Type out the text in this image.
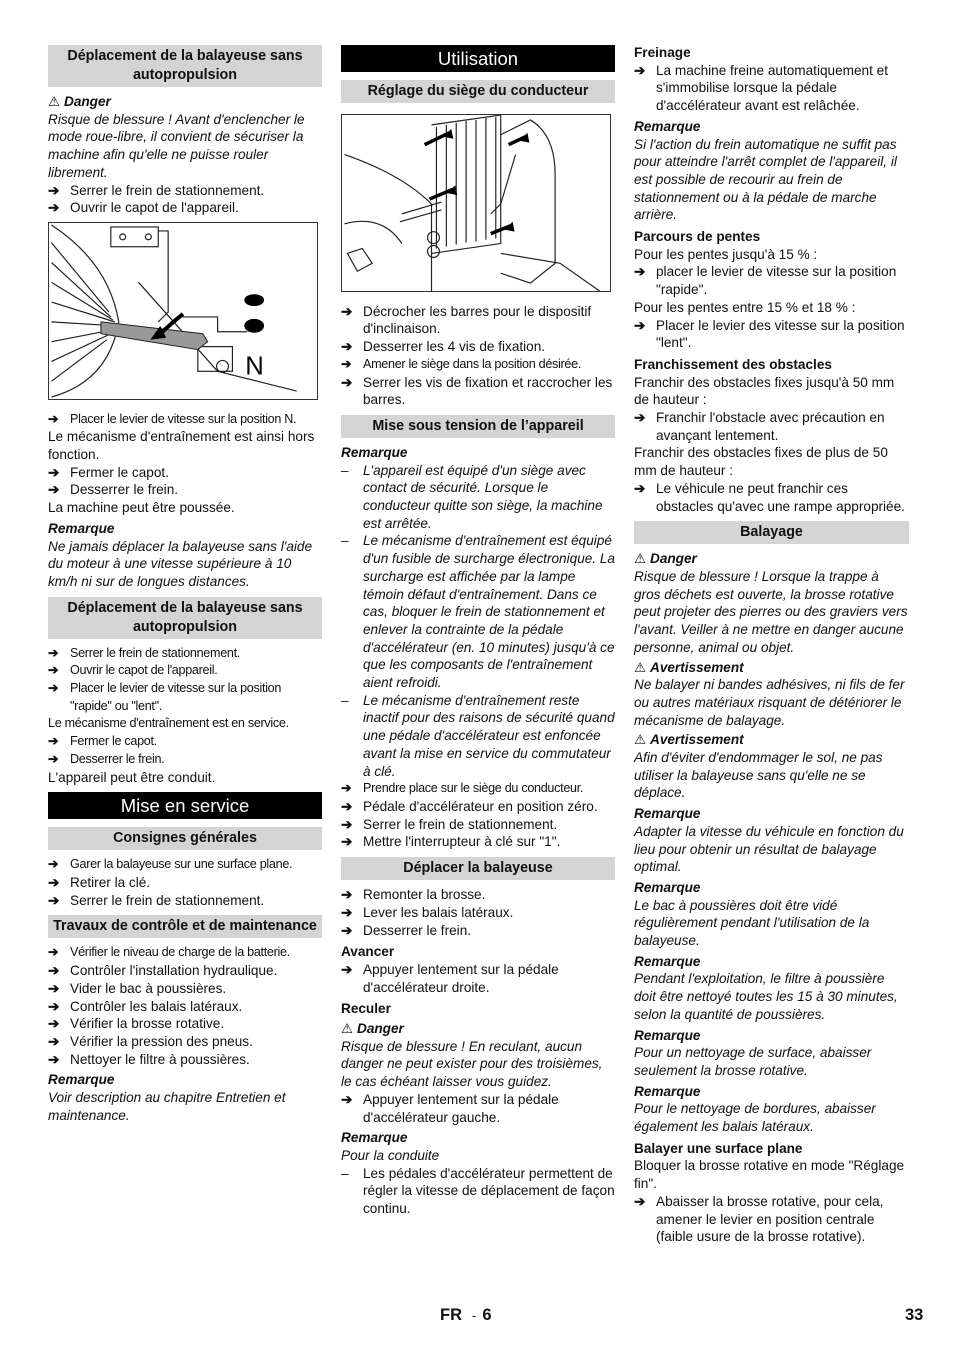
Déplacement de la balayeuse sans autopropulsion
⚠ Danger
Risque de blessure ! Avant d'enclencher le mode roue-libre, il convient de sécuriser la machine afin qu'elle ne puisse rouler librement.
➔ Serrer le frein de stationnement.
➔ Ouvrir le capot de l'appareil.
N
➔ Placer le levier de vitesse sur la position N.
Le mécanisme d'entraînement est ainsi hors fonction.
➔ Fermer le capot.
➔ Desserrer le frein.
La machine peut être poussée.
Remarque
Ne jamais déplacer la balayeuse sans l'aide du moteur à une vitesse supérieure à 10 km/h ni sur de longues distances.
Déplacement de la balayeuse sans autopropulsion
➔ Serrer le frein de stationnement.
➔ Ouvrir le capot de l'appareil.
➔ Placer le levier de vitesse sur la position "rapide" ou "lent".
Le mécanisme d'entraînement est en service.
➔ Fermer le capot.
➔ Desserrer le frein.
L'appareil peut être conduit.
Mise en service
Consignes générales
➔ Garer la balayeuse sur une surface plane.
➔ Retirer la clé.
➔ Serrer le frein de stationnement.
Travaux de contrôle et de maintenance
➔ Vérifier le niveau de charge de la batterie.
➔ Contrôler l'installation hydraulique.
➔ Vider le bac à poussières.
➔ Contrôler les balais latéraux.
➔ Vérifier la brosse rotative.
➔ Vérifier la pression des pneus.
➔ Nettoyer le filtre à poussières.
Remarque
Voir description au chapitre Entretien et maintenance.
Utilisation
Réglage du siège du conducteur
➔ Décrocher les barres pour le dispositif d'inclinaison.
➔ Desserrer les 4 vis de fixation.
➔ Amener le siège dans la position désirée.
➔ Serrer les vis de fixation et raccrocher les barres.
Mise sous tension de l’appareil
Remarque
– L'appareil est équipé d'un siège avec contact de sécurité. Lorsque le conducteur quitte son siège, la machine est arrêtée.
– Le mécanisme d'entraînement est équipé d'un fusible de surcharge électronique. La surcharge est affichée par la lampe témoin défaut d'entraînement. Dans ce cas, bloquer le frein de stationnement et enlever la contrainte de la pédale d'accélérateur (en. 10 minutes) jusqu'à ce que les composants de l'entraînement aient refroidi.
– Le mécanisme d'entraînement reste inactif pour des raisons de sécurité quand une pédale d'accélérateur est enfoncée avant la mise en service du commutateur à clé.
➔ Prendre place sur le siège du conducteur.
➔ Pédale d'accélérateur en position zéro.
➔ Serrer le frein de stationnement.
➔ Mettre l'interrupteur à clé sur "1".
Déplacer la balayeuse
➔ Remonter la brosse.
➔ Lever les balais latéraux.
➔ Desserrer le frein.
Avancer
➔ Appuyer lentement sur la pédale d'accélérateur droite.
Reculer
⚠ Danger
Risque de blessure ! En reculant, aucun danger ne peut exister pour des troisièmes, le cas échéant laisser vous guidez.
➔ Appuyer lentement sur la pédale d'accélérateur gauche.
Remarque
Pour la conduite
– Les pédales d'accélérateur permettent de régler la vitesse de déplacement de façon continu.
Freinage
➔ La machine freine automatiquement et s'immobilise lorsque la pédale d'accélérateur avant est relâchée.
Remarque
Si l'action du frein automatique ne suffit pas pour atteindre l'arrêt complet de l'appareil, il est possible de recourir au frein de stationnement ou à la pédale de marche arrière.
Parcours de pentes
Pour les pentes jusqu'à 15 % :
➔ placer le levier de vitesse sur la position "rapide".
Pour les pentes entre 15 % et 18 % :
➔ Placer le levier des vitesse sur la position "lent".
Franchissement des obstacles
Franchir des obstacles fixes jusqu'à 50 mm de hauteur :
➔ Franchir l'obstacle avec précaution en avançant lentement.
Franchir des obstacles fixes de plus de 50 mm de hauteur :
➔ Le véhicule ne peut franchir ces obstacles qu'avec une rampe appropriée.
Balayage
⚠ Danger
Risque de blessure ! Lorsque la trappe à gros déchets est ouverte, la brosse rotative peut projeter des pierres ou des graviers vers l'avant. Veiller à ne mettre en danger aucune personne, animal ou objet.
⚠ Avertissement
Ne balayer ni bandes adhésives, ni fils de fer ou autres matériaux risquant de détériorer le mécanisme de balayage.
⚠ Avertissement
Afin d'éviter d'endommager le sol, ne pas utiliser la balayeuse sans qu'elle ne se déplace.
Remarque
Adapter la vitesse du véhicule en fonction du lieu pour obtenir un résultat de balayage optimal.
Remarque
Le bac à poussières doit être vidé régulièrement pendant l'utilisation de la balayeuse.
Remarque
Pendant l'exploitation, le filtre à poussière doit être nettoyé toutes les 15 à 30 minutes, selon la quantité de poussières.
Remarque
Pour un nettoyage de surface, abaisser seulement la brosse rotative.
Remarque
Pour le nettoyage de bordures, abaisser également les balais latéraux.
Balayer une surface plane
Bloquer la brosse rotative en mode "Réglage fin".
➔ Abaisser la brosse rotative, pour cela, amener le levier en position centrale (faible usure de la brosse rotative).
FR - 6	33
